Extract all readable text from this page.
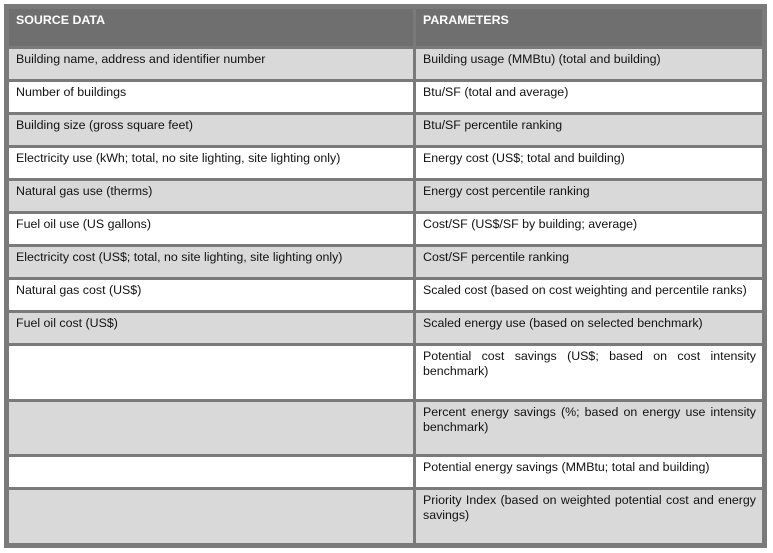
SOURCE DATA	PARAMETERS
Building name, address and identifier number	Building usage (MMBtu) (total and building)
Number of buildings	Btu/SF (total and average)
Building size (gross square feet)	Btu/SF percentile ranking
Electricity use (kWh; total, no site lighting, site lighting only)	Energy cost (US$; total and building)
Natural gas use (therms)	Energy cost percentile ranking
Fuel oil use (US gallons)	Cost/SF (US$/SF by building; average)
Electricity cost (US$; total, no site lighting, site lighting only)	Cost/SF percentile ranking
Natural gas cost (US$)	Scaled cost (based on cost weighting and percentile ranks)
Fuel oil cost (US$)	Scaled energy use (based on selected benchmark)
	Potential cost savings (US$; based on cost intensity benchmark)
	Percent energy savings (%; based on energy use intensity benchmark)
	Potential energy savings (MMBtu; total and building)
	Priority Index (based on weighted potential cost and energy savings)
